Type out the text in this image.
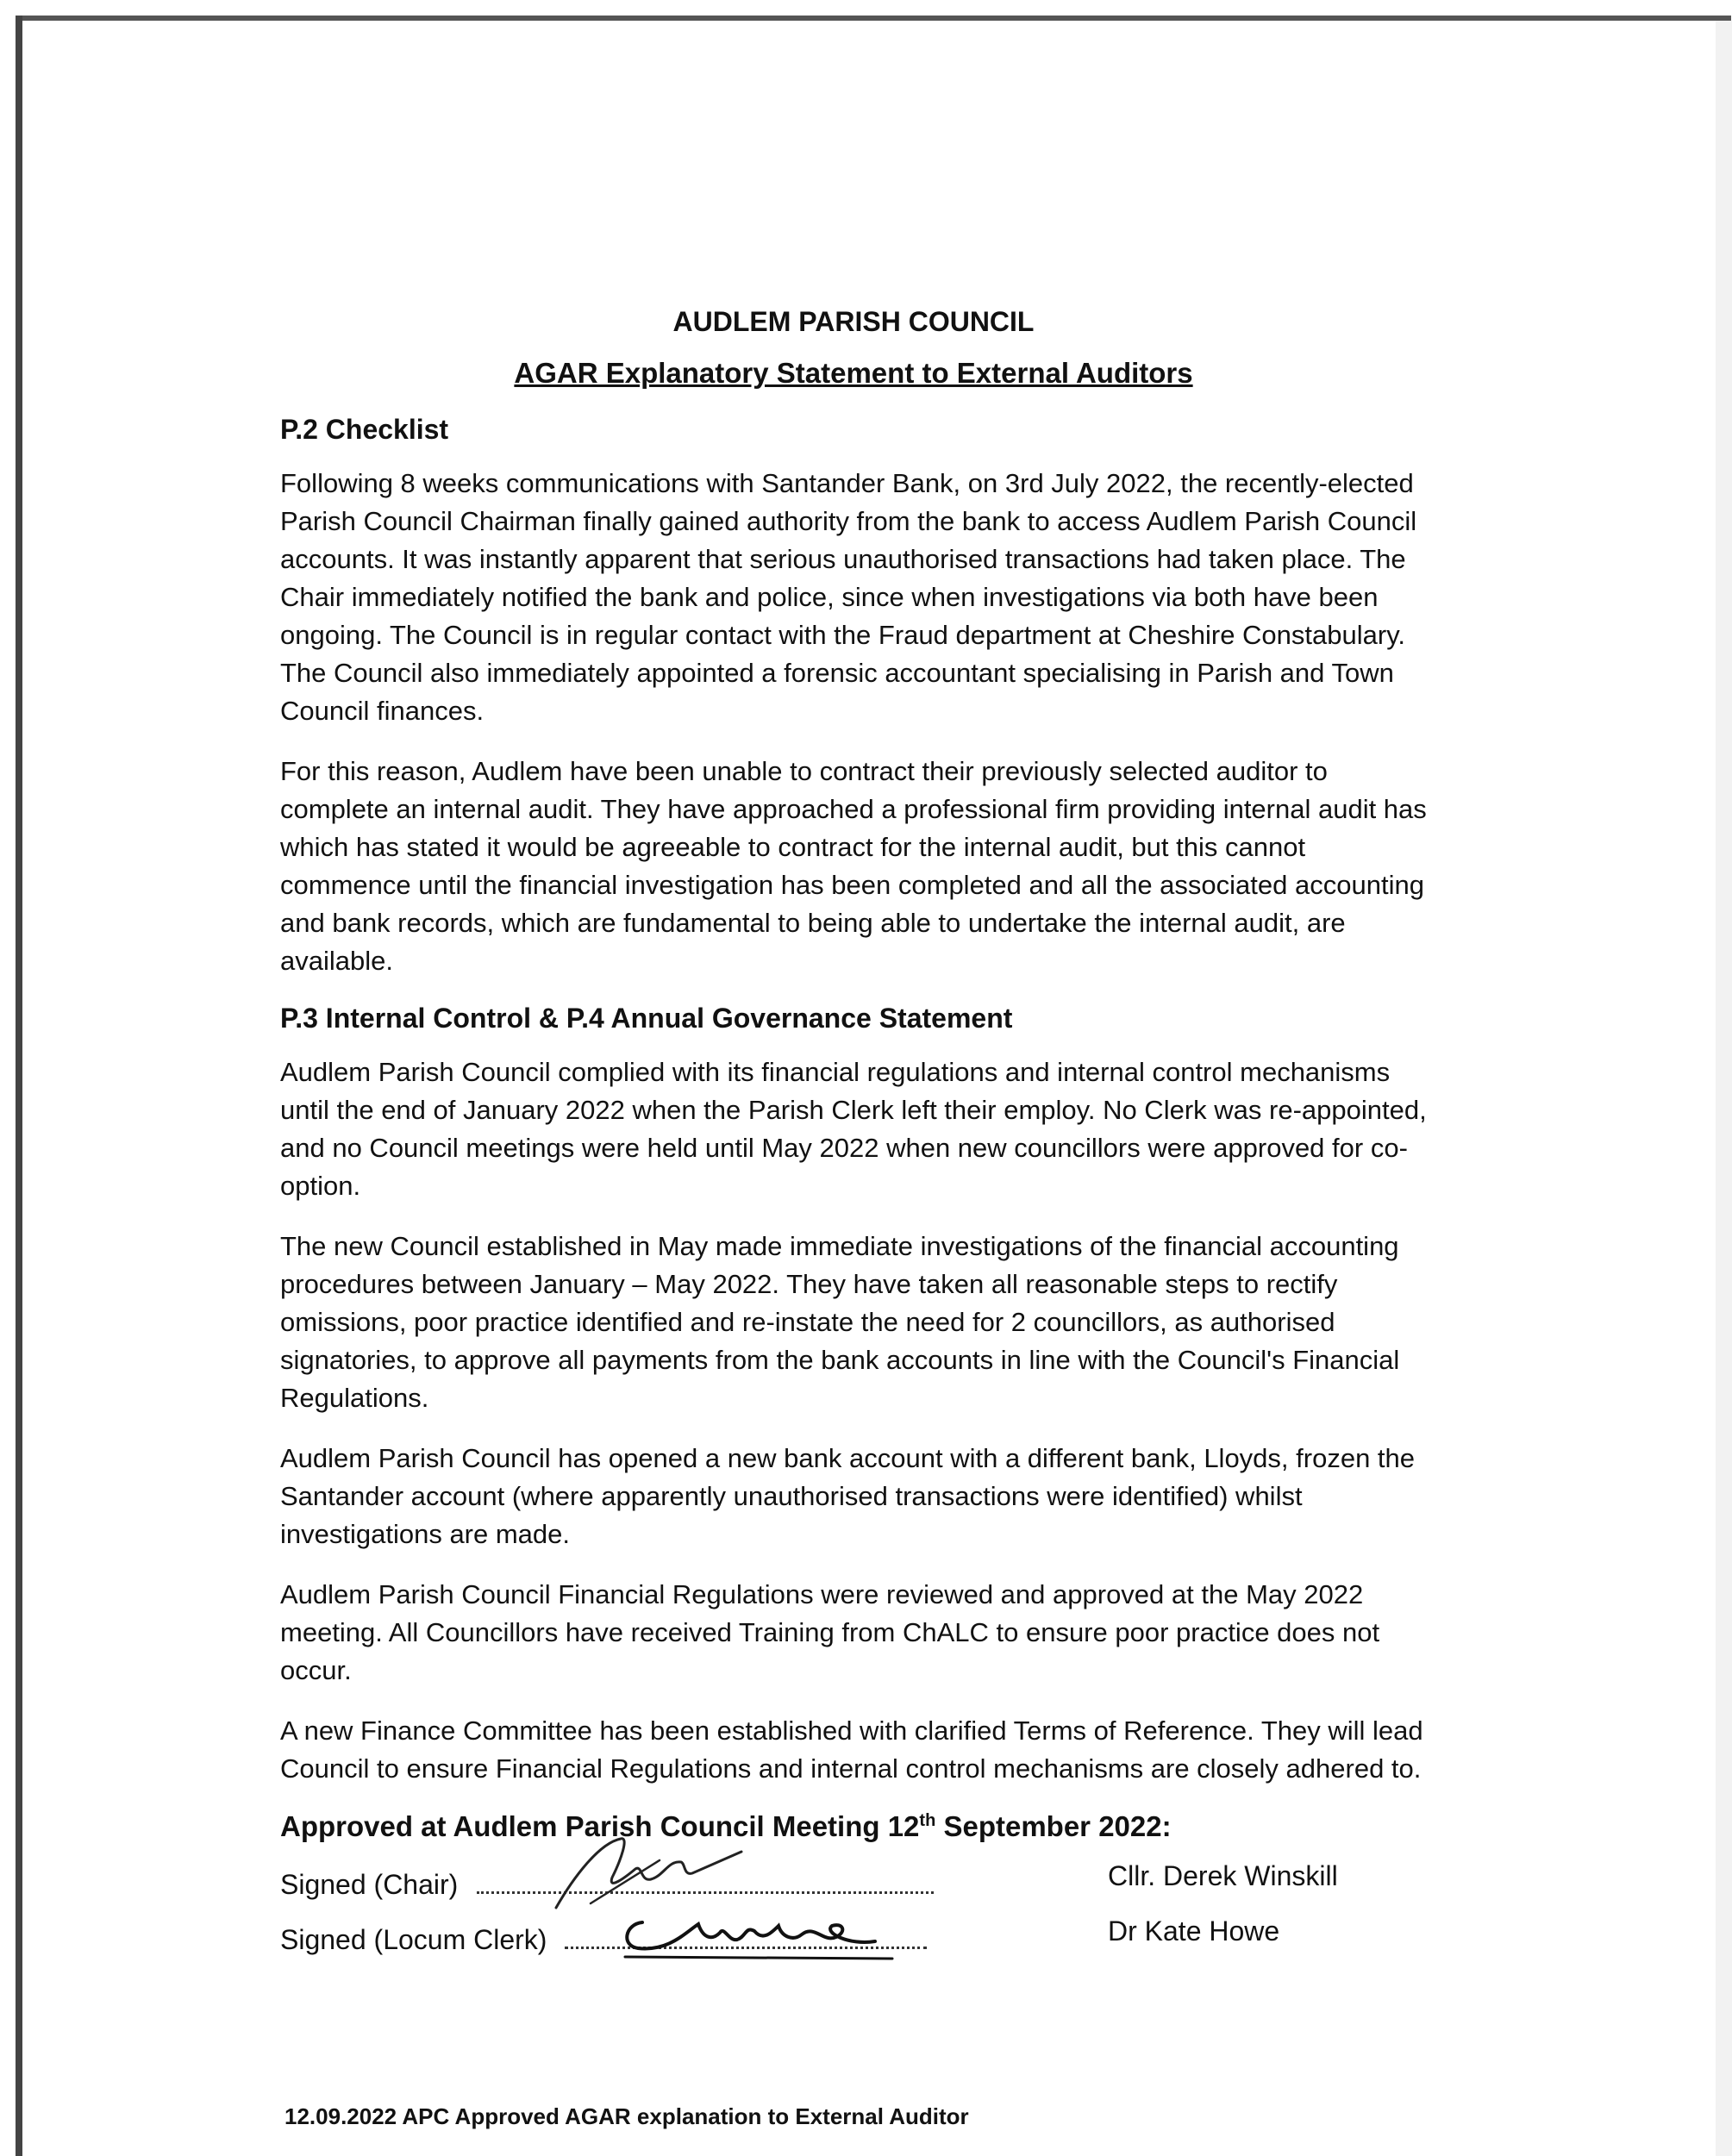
AUDLEM PARISH COUNCIL
AGAR Explanatory Statement to External Auditors
P.2 Checklist

Following 8 weeks communications with Santander Bank, on 3rd July 2022, the recently-elected Parish Council Chairman finally gained authority from the bank to access Audlem Parish Council accounts. It was instantly apparent that serious unauthorised transactions had taken place. The Chair immediately notified the bank and police, since when investigations via both have been ongoing. The Council is in regular contact with the Fraud department at Cheshire Constabulary. The Council also immediately appointed a forensic accountant specialising in Parish and Town Council finances.

For this reason, Audlem have been unable to contract their previously selected auditor to complete an internal audit. They have approached a professional firm providing internal audit has which has stated it would be agreeable to contract for the internal audit, but this cannot commence until the financial investigation has been completed and all the associated accounting and bank records, which are fundamental to being able to undertake the internal audit, are available.

P.3 Internal Control & P.4 Annual Governance Statement

Audlem Parish Council complied with its financial regulations and internal control mechanisms until the end of January 2022 when the Parish Clerk left their employ. No Clerk was re-appointed, and no Council meetings were held until May 2022 when new councillors were approved for co-option.

The new Council established in May made immediate investigations of the financial accounting procedures between January – May 2022. They have taken all reasonable steps to rectify omissions, poor practice identified and re-instate the need for 2 councillors, as authorised signatories, to approve all payments from the bank accounts in line with the Council's Financial Regulations.

Audlem Parish Council has opened a new bank account with a different bank, Lloyds, frozen the Santander account (where apparently unauthorised transactions were identified) whilst investigations are made.

Audlem Parish Council Financial Regulations were reviewed and approved at the May 2022 meeting. All Councillors have received Training from ChALC to ensure poor practice does not occur.

A new Finance Committee has been established with clarified Terms of Reference. They will lead Council to ensure Financial Regulations and internal control mechanisms are closely adhered to.

Approved at Audlem Parish Council Meeting 12th September 2022:
Signed (Chair)	Cllr. Derek Winskill
Signed (Locum Clerk)	Dr Kate Howe
12.09.2022 APC Approved AGAR explanation to External Auditor
